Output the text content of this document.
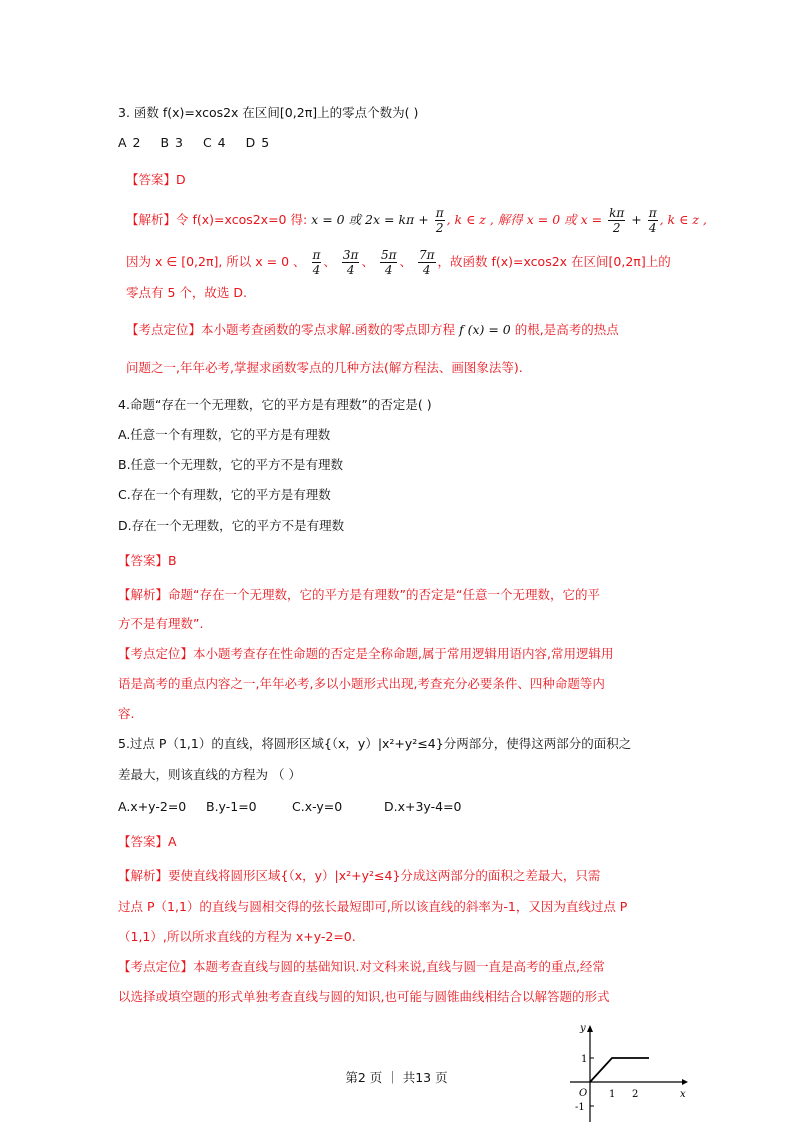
3. 函数 f(x)=xcos2x 在区间[0,2π]上的零点个数为( )
A 2 B 3 C 4 D 5
【答案】D
【解析】令 f(x)=xcos2x=0 得: x = 0 或 $2x = k\pi + \frac{\pi}{2}$ , k ∈ z , 解得 x = 0 或 $x = \frac{k\pi}{2} + \frac{\pi}{4}$ , k ∈ z ,
因为 x ∈ [0,2π], 所以 x = 0 、 $\frac{\pi}{4}$ 、 $\frac{3\pi}{4}$ 、 $\frac{5\pi}{4}$ 、 $\frac{7\pi}{4}$ ，故函数 f(x)=xcos2x 在区间[0,2π]上的
零点有 5 个，故选 D.
【考点定位】本小题考查函数的零点求解.函数的零点即方程 f (x) = 0 的根,是高考的热点
问题之一,年年必考,掌握求函数零点的几种方法(解方程法、画图象法等).
4.命题“存在一个无理数，它的平方是有理数”的否定是( )
A.任意一个有理数，它的平方是有理数
B.任意一个无理数，它的平方不是有理数
C.存在一个有理数，它的平方是有理数
D.存在一个无理数，它的平方不是有理数
【答案】B
【解析】命题“存在一个无理数，它的平方是有理数”的否定是“任意一个无理数，它的平
方不是有理数”.
【考点定位】本小题考查存在性命题的否定是全称命题,属于常用逻辑用语内容,常用逻辑用
语是高考的重点内容之一,年年必考,多以小题形式出现,考查充分必要条件、四种命题等内
容.
5.过点 P（1,1）的直线，将圆形区域{（x，y）|x²+y²≤4}分两部分，使得这两部分的面积之
差最大，则该直线的方程为 （ ）
A.x+y-2=0 B.y-1=0	C.x-y=0	D.x+3y-4=0
【答案】A
【解析】要使直线将圆形区域{（x，y）|x²+y²≤4}分成这两部分的面积之差最大，只需
过点 P（1,1）的直线与圆相交得的弦长最短即可,所以该直线的斜率为-1，又因为直线过点 P
（1,1）,所以所求直线的方程为 x+y-2=0.
【考点定位】本题考查直线与圆的基础知识.对文科来说,直线与圆一直是高考的重点,经常
以选择或填空题的形式单独考查直线与圆的知识,也可能与圆锥曲线相结合以解答题的形式
第2 页 ｜ 共13 页
y
x
O 1 2
1
-1
